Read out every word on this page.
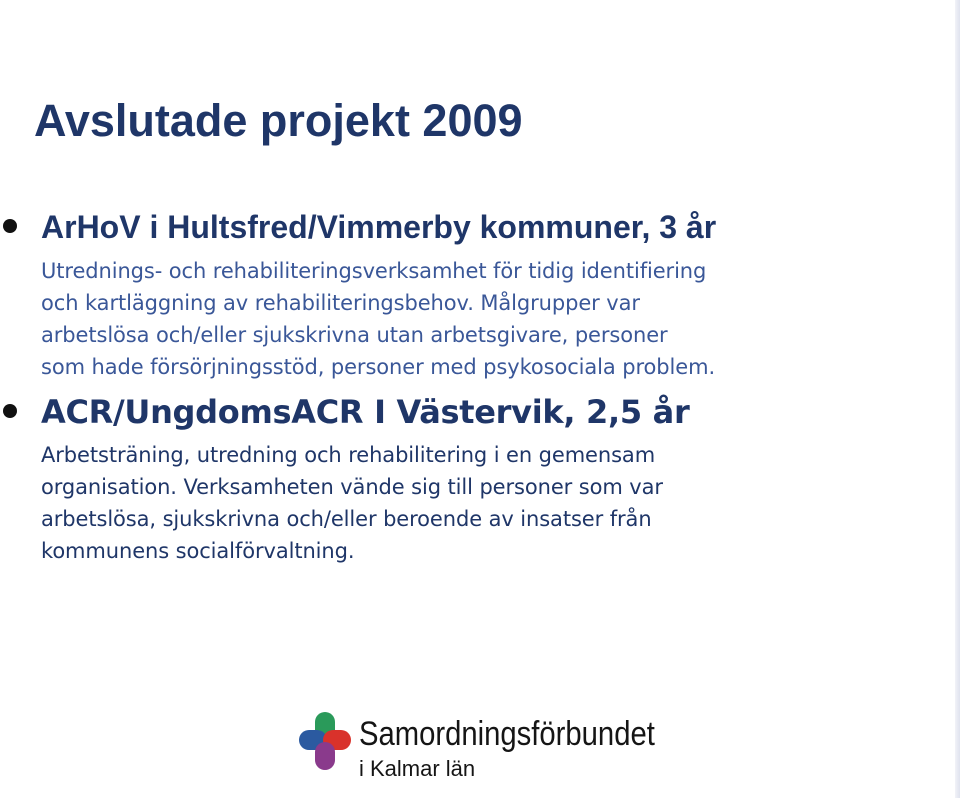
Avslutade projekt 2009
ArHoV i Hultsfred/Vimmerby kommuner, 3 år

Utrednings- och rehabiliteringsverksamhet för tidig identifiering
och kartläggning av rehabiliteringsbehov. Målgrupper var
arbetslösa och/eller sjukskrivna utan arbetsgivare, personer
som hade försörjningsstöd, personer med psykosociala problem.

ACR/UngdomsACR I Västervik, 2,5 år

Arbetsträning, utredning och rehabilitering i en gemensam
organisation. Verksamheten vände sig till personer som var
arbetslösa, sjukskrivna och/eller beroende av insatser från
kommunens socialförvaltning.

Samordningsförbundet
i Kalmar län
